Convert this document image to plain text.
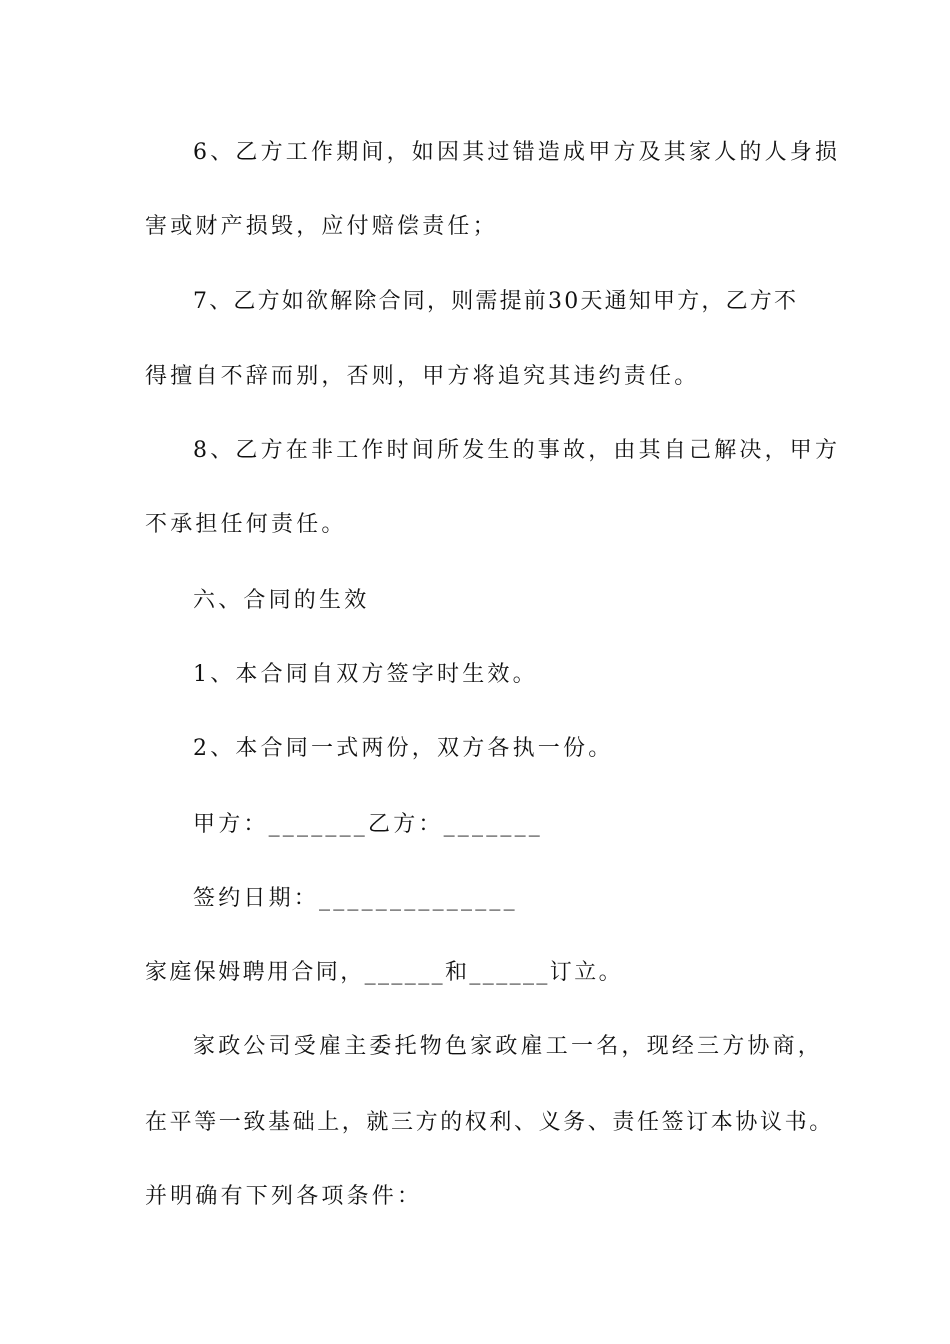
6、乙方工作期间，如因其过错造成甲方及其家人的人身损
害或财产损毁，应付赔偿责任；
7、乙方如欲解除合同，则需提前30天通知甲方，乙方不
得擅自不辞而别，否则，甲方将追究其违约责任。
8、乙方在非工作时间所发生的事故，由其自己解决，甲方
不承担任何责任。
六、合同的生效
1、本合同自双方签字时生效。
2、本合同一式两份，双方各执一份。
甲方：_______乙方：_______
签约日期：______________
家庭保姆聘用合同，______和______订立。
家政公司受雇主委托物色家政雇工一名，现经三方协商，
在平等一致基础上，就三方的权利、义务、责任签订本协议书。
并明确有下列各项条件：
